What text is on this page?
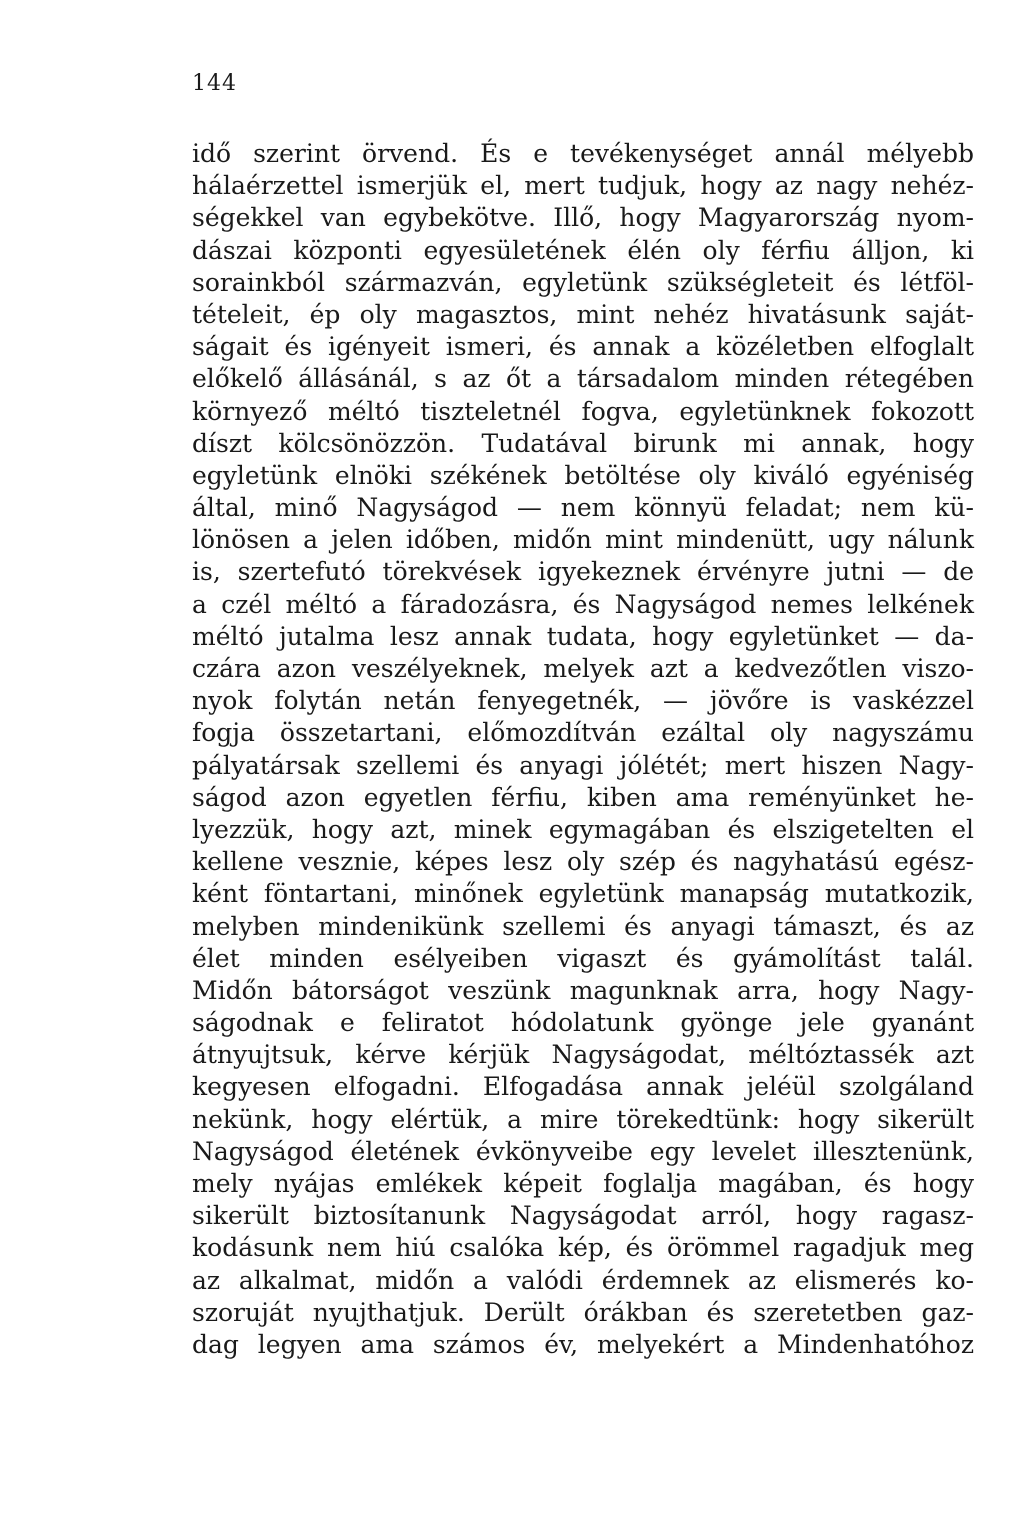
144
idő szerint örvend. És e tevékenységet annál mélyebb
hálaérzettel ismerjük el, mert tudjuk, hogy az nagy nehéz-
ségekkel van egybekötve. Illő, hogy Magyarország nyom-
dászai központi egyesületének élén oly férfiu álljon, ki
sorainkból származván, egyletünk szükségleteit és létföl-
tételeit, ép oly magasztos, mint nehéz hivatásunk saját-
ságait és igényeit ismeri, és annak a közéletben elfoglalt
előkelő állásánál, s az őt a társadalom minden rétegében
környező méltó tiszteletnél fogva, egyletünknek fokozott
díszt kölcsönözzön. Tudatával birunk mi annak, hogy
egyletünk elnöki székének betöltése oly kiváló egyéniség
által, minő Nagyságod — nem könnyü feladat; nem kü-
lönösen a jelen időben, midőn mint mindenütt, ugy nálunk
is, szertefutó törekvések igyekeznek érvényre jutni — de
a czél méltó a fáradozásra, és Nagyságod nemes lelkének
méltó jutalma lesz annak tudata, hogy egyletünket — da-
czára azon veszélyeknek, melyek azt a kedvezőtlen viszo-
nyok folytán netán fenyegetnék, — jövőre is vaskézzel
fogja összetartani, előmozdítván ezáltal oly nagyszámu
pályatársak szellemi és anyagi jólétét; mert hiszen Nagy-
ságod azon egyetlen férfiu, kiben ama reményünket he-
lyezzük, hogy azt, minek egymagában és elszigetelten el
kellene vesznie, képes lesz oly szép és nagyhatású egész-
ként föntartani, minőnek egyletünk manapság mutatkozik,
melyben mindenikünk szellemi és anyagi támaszt, és az
élet minden esélyeiben vigaszt és gyámolítást talál.
Midőn bátorságot veszünk magunknak arra, hogy Nagy-
ságodnak e feliratot hódolatunk gyönge jele gyanánt
átnyujtsuk, kérve kérjük Nagyságodat, méltóztassék azt
kegyesen elfogadni. Elfogadása annak jeléül szolgáland
nekünk, hogy elértük, a mire törekedtünk: hogy sikerült
Nagyságod életének évkönyveibe egy levelet illesztenünk,
mely nyájas emlékek képeit foglalja magában, és hogy
sikerült biztosítanunk Nagyságodat arról, hogy ragasz-
kodásunk nem hiú csalóka kép, és örömmel ragadjuk meg
az alkalmat, midőn a valódi érdemnek az elismerés ko-
szoruját nyujthatjuk. Derült órákban és szeretetben gaz-
dag legyen ama számos év, melyekért a Mindenhatóhoz
